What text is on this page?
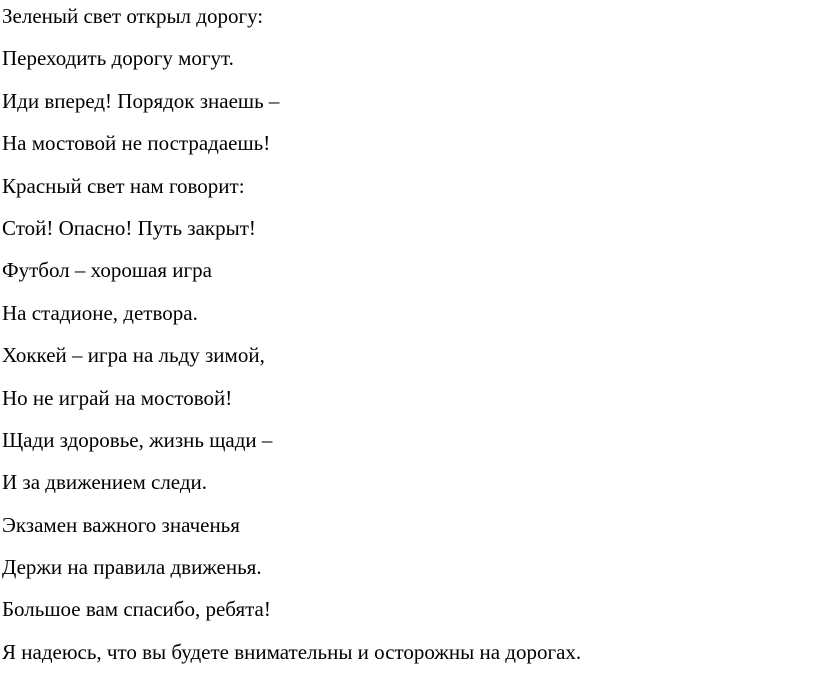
Зеленый свет открыл дорогу:
Переходить дорогу могут.
Иди вперед! Порядок знаешь –
На мостовой не пострадаешь!
Красный свет нам говорит:
Стой! Опасно! Путь закрыт!
Футбол – хорошая игра
На стадионе, детвора.
Хоккей – игра на льду зимой,
Но не играй на мостовой!
Щади здоровье, жизнь щади –
И за движением следи.
Экзамен важного значенья
Держи на правила движенья.
Большое вам спасибо, ребята!
Я надеюсь, что вы будете внимательны и осторожны на дорогах.
